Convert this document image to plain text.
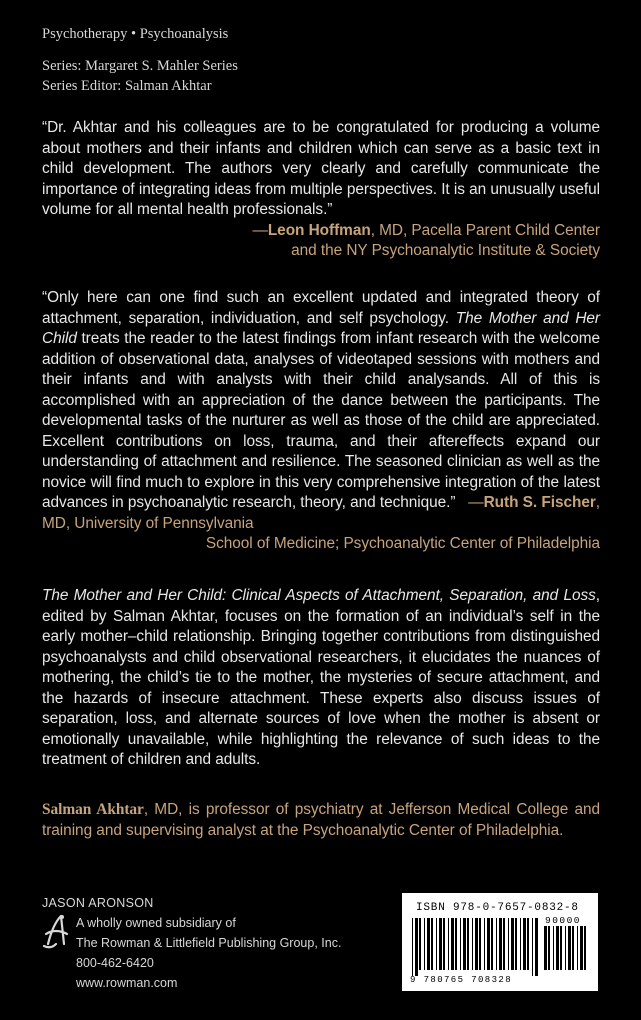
Psychotherapy • Psychoanalysis
Series: Margaret S. Mahler Series
Series Editor: Salman Akhtar
“Dr. Akhtar and his colleagues are to be congratulated for producing a volume about mothers and their infants and children which can serve as a basic text in child development. The authors very clearly and carefully communicate the importance of integrating ideas from multiple perspectives. It is an unusually useful volume for all mental health professionals.”
—Leon Hoffman, MD, Pacella Parent Child Center
and the NY Psychoanalytic Institute & Society
“Only here can one find such an excellent updated and integrated theory of attachment, separation, individuation, and self psychology. The Mother and Her Child treats the reader to the latest findings from infant research with the welcome addition of observational data, analyses of videotaped sessions with mothers and their infants and with analysts with their child analysands. All of this is accomplished with an appreciation of the dance between the participants. The developmental tasks of the nurturer as well as those of the child are appreciated. Excellent contributions on loss, trauma, and their aftereffects expand our understanding of attachment and resilience. The seasoned clinician as well as the novice will find much to explore in this very comprehensive integration of the latest advances in psychoanalytic research, theory, and technique.” —Ruth S. Fischer, MD, University of Pennsylvania
School of Medicine; Psychoanalytic Center of Philadelphia
The Mother and Her Child: Clinical Aspects of Attachment, Separation, and Loss, edited by Salman Akhtar, focuses on the formation of an individual’s self in the early mother–child relationship. Bringing together contributions from distinguished psychoanalysts and child observational researchers, it elucidates the nuances of mothering, the child’s tie to the mother, the mysteries of secure attachment, and the hazards of insecure attachment. These experts also discuss issues of separation, loss, and alternate sources of love when the mother is absent or emotionally unavailable, while highlighting the relevance of such ideas to the treatment of children and adults.
Salman Akhtar, MD, is professor of psychiatry at Jefferson Medical College and training and supervising analyst at the Psychoanalytic Center of Philadelphia.
JASON ARONSON
A wholly owned subsidiary of
The Rowman & Littlefield Publishing Group, Inc.
800-462-6420
www.rowman.com
ISBN 978-0-7657-0832-8
90000
9 780765 708328
